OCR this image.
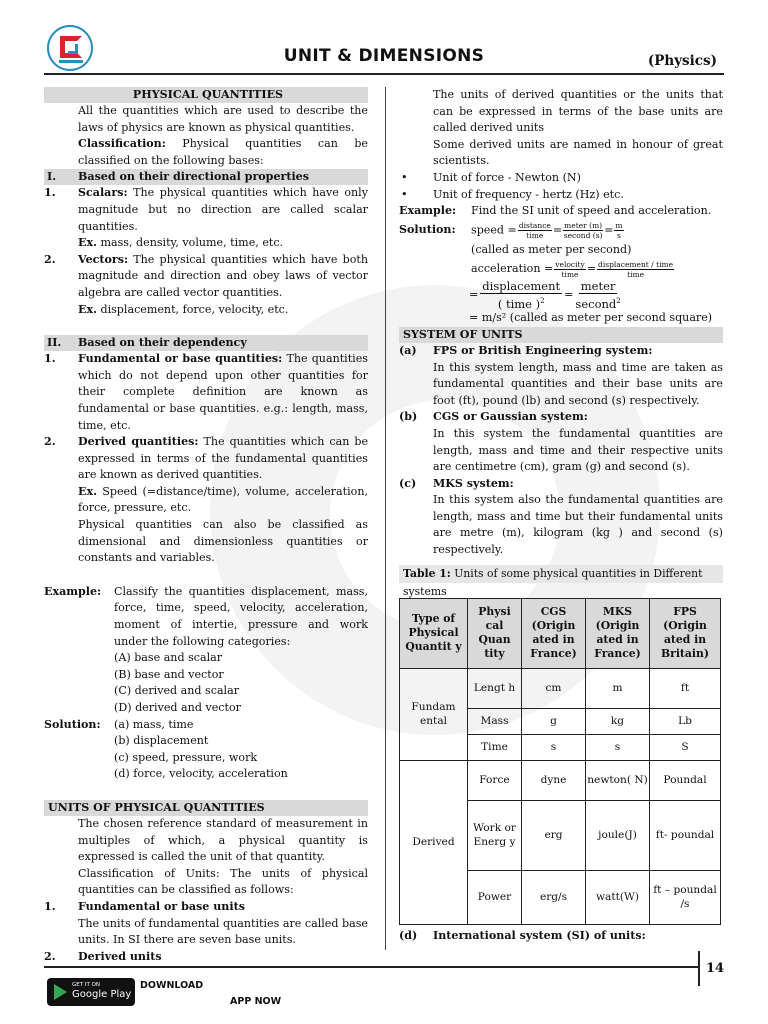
UNIT & DIMENSIONS	(Physics)
PHYSICAL QUANTITIES
All the quantities which are used to describe the laws of physics are known as physical quantities.
Classification: Physical quantities can be classified on the following bases:
I.	Based on their directional properties
1.	Scalars: The physical quantities which have only magnitude but no direction are called scalar quantities.
Ex. mass, density, volume, time, etc.
2.	Vectors: The physical quantities which have both magnitude and direction and obey laws of vector algebra are called vector quantities.
Ex. displacement, force, velocity, etc.
II.	Based on their dependency
1.	Fundamental or base quantities: The quantities which do not depend upon other quantities for their complete definition are known as fundamental or base quantities. e.g.: length, mass, time, etc.
2.	Derived quantities: The quantities which can be expressed in terms of the fundamental quantities are known as derived quantities.
Ex. Speed (=distance/time), volume, acceleration, force, pressure, etc.
Physical quantities can also be classified as dimensional and dimensionless quantities or constants and variables.
Example:	Classify the quantities displacement, mass, force, time, speed, velocity, acceleration, moment of intertie, pressure and work under the following categories:
(A) base and scalar
(B) base and vector
(C) derived and scalar
(D) derived and vector
Solution:	(a) mass, time
(b) displacement
(c) speed, pressure, work
(d) force, velocity, acceleration
UNITS OF PHYSICAL QUANTITIES
The chosen reference standard of measurement in multiples of which, a physical quantity is expressed is called the unit of that quantity.
Classification of Units: The units of physical quantities can be classified as follows:
1.	Fundamental or base units
The units of fundamental quantities are called base units. In SI there are seven base units.
2.	Derived units
The units of derived quantities or the units that can be expressed in terms of the base units are called derived units
Some derived units are named in honour of great scientists.
•	Unit of force - Newton (N)
•	Unit of frequency - hertz (Hz) etc.
Example:	Find the SI unit of speed and acceleration.
Solution:	speed = $\frac{\text{distance}}{\text{time}} = \frac{\text{meter (m)}}{\text{second (s)}} = \frac{m}{s}$
(called as meter per second)
acceleration = $\frac{\text{velocity}}{\text{time}} = \frac{\text{displacement / time}}{\text{time}}$
=
displacement
( time )$^2$
=
meter
second$^2$
= m/s² (called as meter per second square)
SYSTEM OF UNITS
(a)	FPS or British Engineering system:
In this system length, mass and time are taken as fundamental quantities and their base units are foot (ft), pound (lb) and second (s) respectively.
(b)	CGS or Gaussian system:
In this system the fundamental quantities are length, mass and time and their respective units are centimetre (cm), gram (g) and second (s).
(c)	MKS system:
In this system also the fundamental quantities are length, mass and time but their fundamental units are metre (m), kilogram (kg ) and second (s) respectively.
Table 1: Units of some physical quantities in Different systems
Type of Physical Quantit y	Physi cal Quan tity	CGS (Origin ated in France)	MKS (Origin ated in France)	FPS (Origin ated in Britain)
Fundam ental	Lengt h	cm	m	ft
	Mass	g	kg	Lb
	Time	s	s	S
Derived	Force	dyne	newton( N)	Poundal
	Work or Energ y	erg	joule(J)	ft- poundal
	Power	erg/s	watt(W)	ft – poundal /s
(d)	International system (SI) of units:
14
GET IT ON
Google Play
DOWNLOAD
APP NOW
